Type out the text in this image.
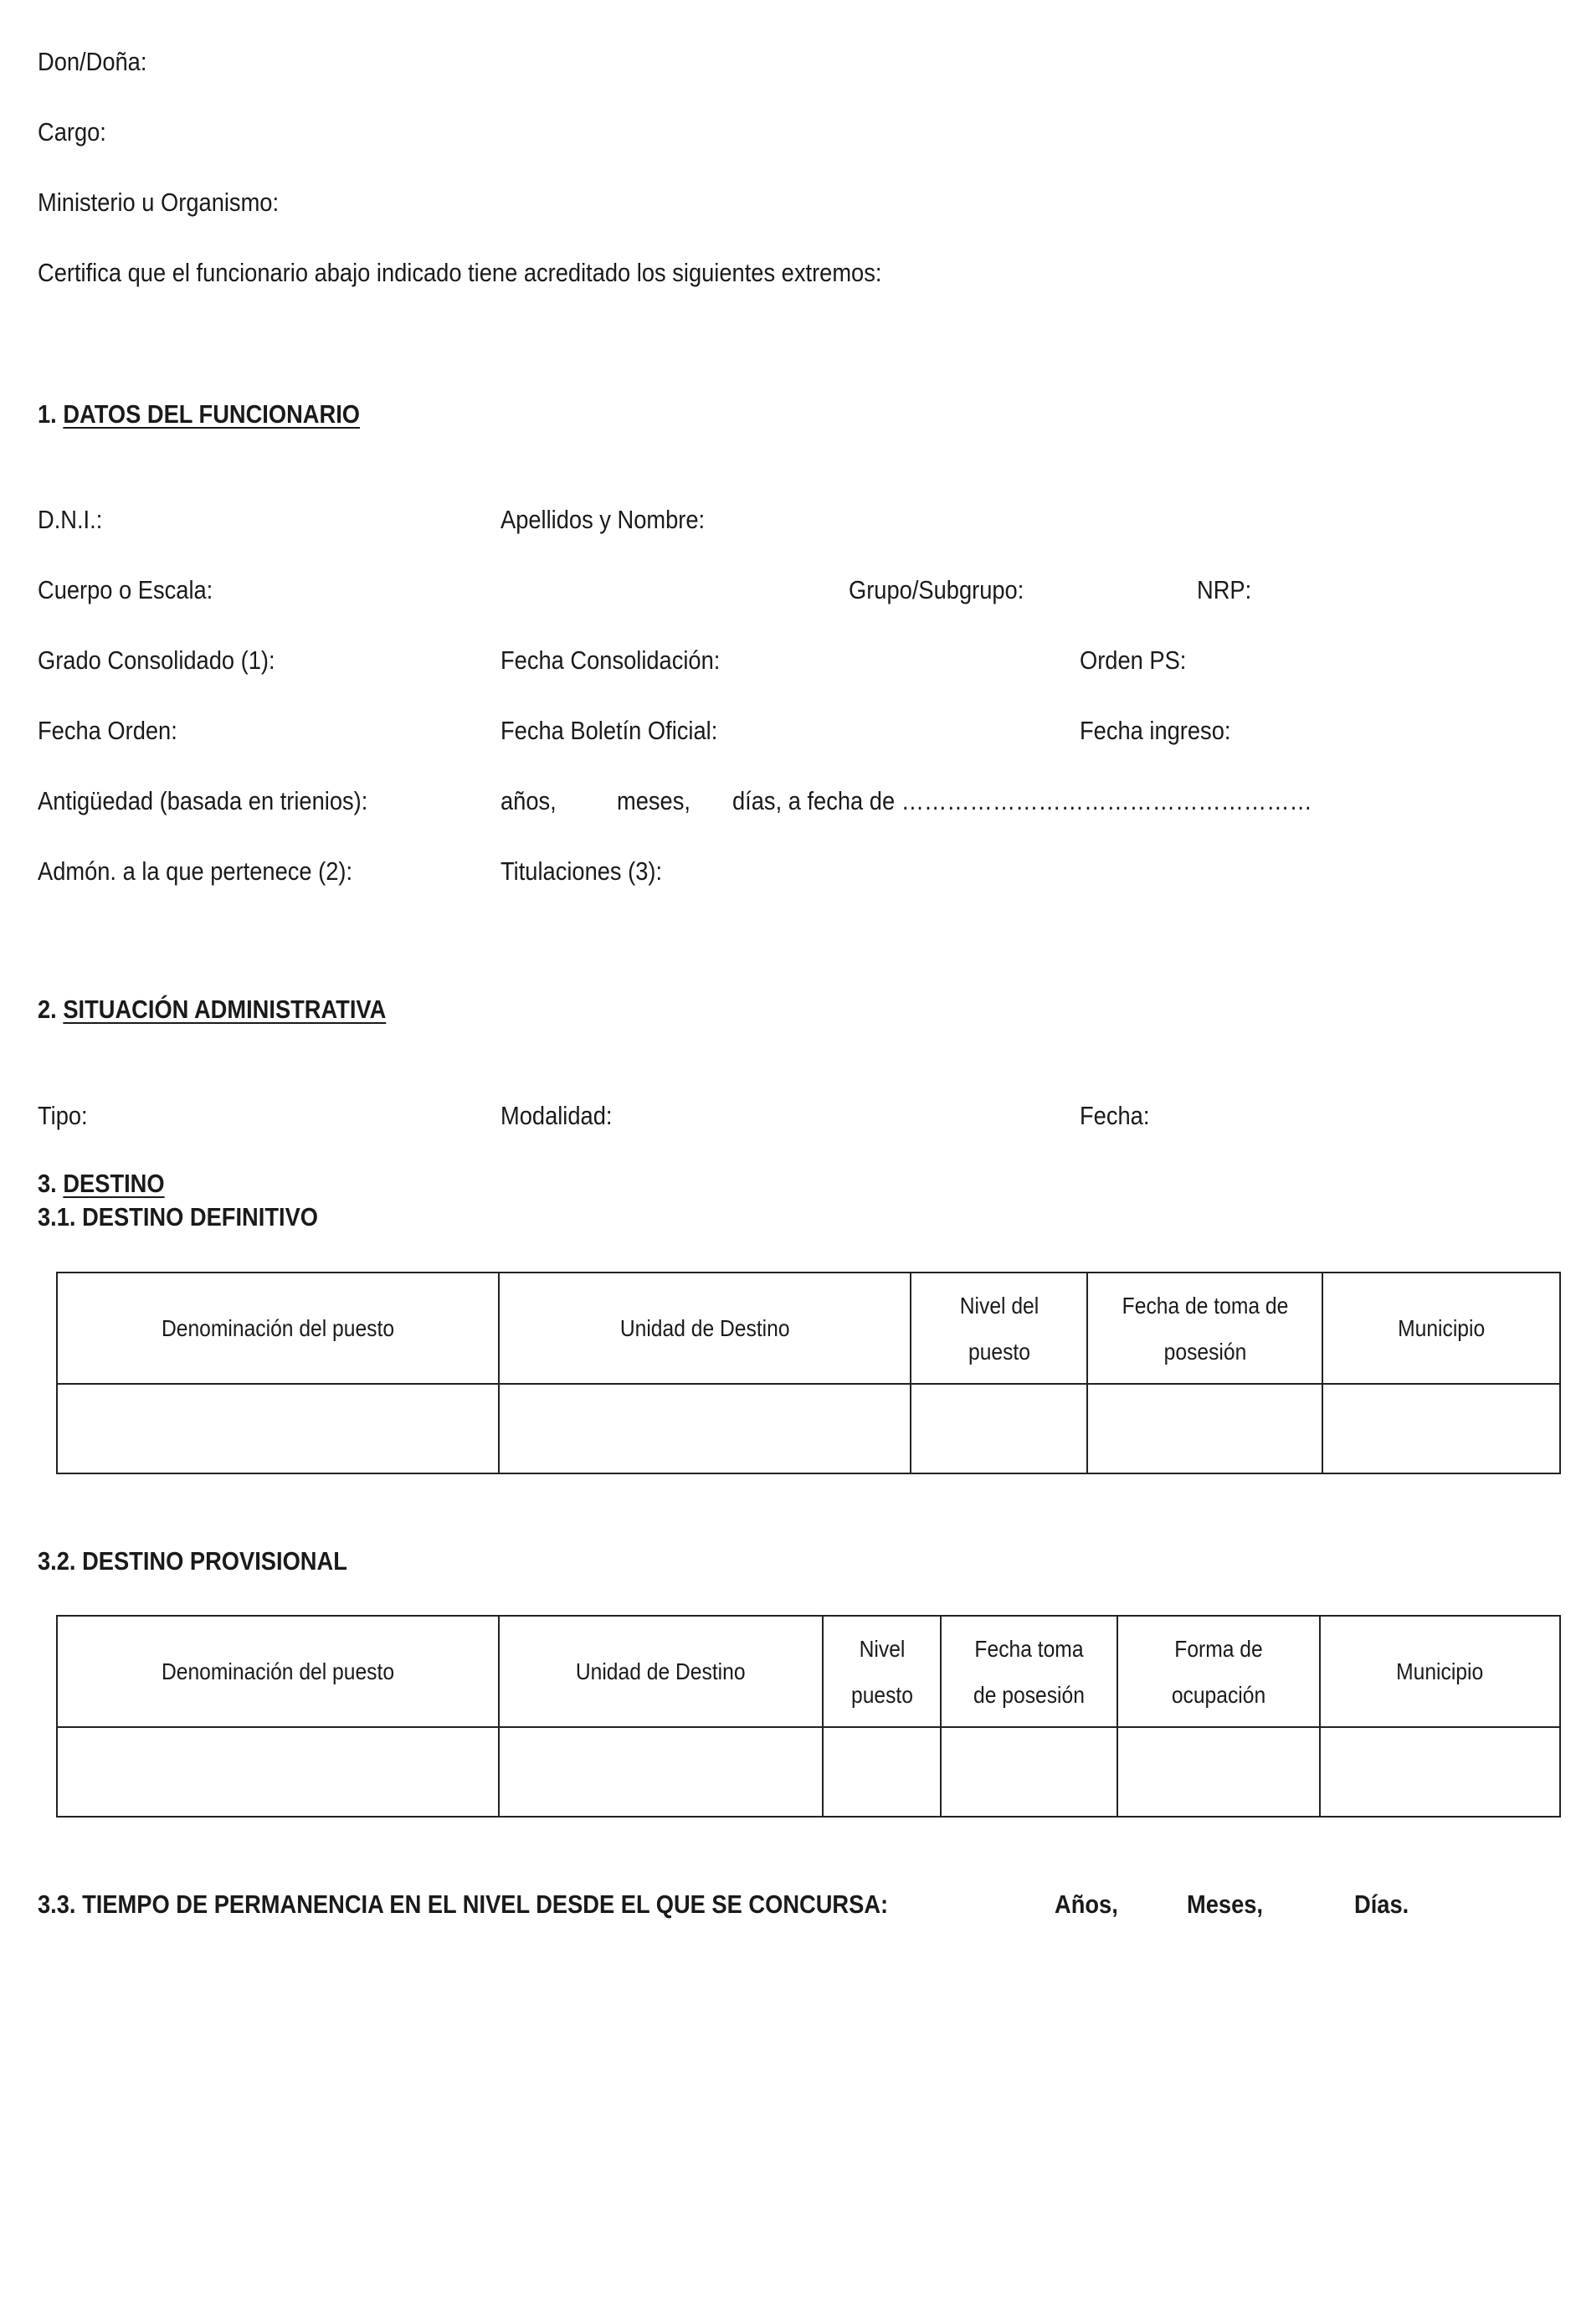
Don/Doña:
Cargo:
Ministerio u Organismo:
Certifica que el funcionario abajo indicado tiene acreditado los siguientes extremos:
1. DATOS DEL FUNCIONARIO
D.N.I.:	Apellidos y Nombre:
Cuerpo o Escala:	Grupo/Subgrupo:	NRP:
Grado Consolidado (1):	Fecha Consolidación:	Orden PS:
Fecha Orden:	Fecha Boletín Oficial:	Fecha ingreso:
Antigüedad (basada en trienios):	años, meses, días, a fecha de ………………………………………………
Admón. a la que pertenece (2):	Titulaciones (3):
2. SITUACIÓN ADMINISTRATIVA
Tipo:	Modalidad:	Fecha:
3. DESTINO
3.1. DESTINO DEFINITIVO
Denominación del puesto	Unidad de Destino	Nivel del puesto	Fecha de toma de posesión	Municipio

3.2. DESTINO PROVISIONAL
Denominación del puesto	Unidad de Destino	Nivel puesto	Fecha toma de posesión	Forma de ocupación	Municipio

3.3. TIEMPO DE PERMANENCIA EN EL NIVEL DESDE EL QUE SE CONCURSA:	Años,	Meses,	Días.
